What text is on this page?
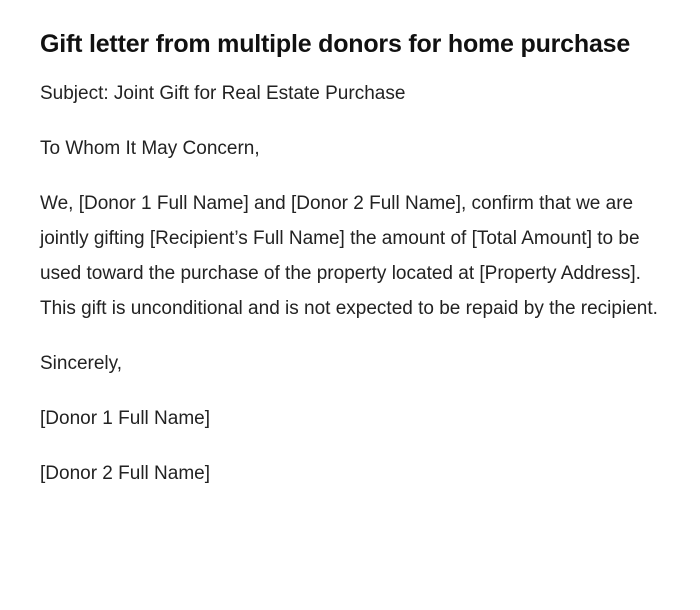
Gift letter from multiple donors for home purchase

Subject: Joint Gift for Real Estate Purchase

To Whom It May Concern,

We, [Donor 1 Full Name] and [Donor 2 Full Name], confirm that we are jointly gifting [Recipient’s Full Name] the amount of [Total Amount] to be used toward the purchase of the property located at [Property Address]. This gift is unconditional and is not expected to be repaid by the recipient.

Sincerely,

[Donor 1 Full Name]

[Donor 2 Full Name]
